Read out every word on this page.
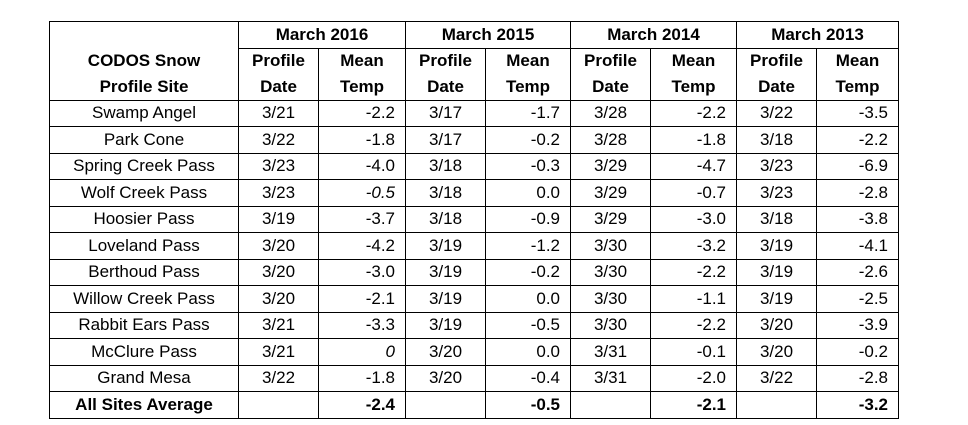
	March 2016		March 2015		March 2014		March 2013	
CODOS Snow	Profile	Mean	Profile	Mean	Profile	Mean	Profile	Mean
Profile Site	Date	Temp	Date	Temp	Date	Temp	Date	Temp
Swamp Angel	3/21	-2.2	3/17	-1.7	3/28	-2.2	3/22	-3.5
Park Cone	3/22	-1.8	3/17	-0.2	3/28	-1.8	3/18	-2.2
Spring Creek Pass	3/23	-4.0	3/18	-0.3	3/29	-4.7	3/23	-6.9
Wolf Creek Pass	3/23	-0.5	3/18	0.0	3/29	-0.7	3/23	-2.8
Hoosier Pass	3/19	-3.7	3/18	-0.9	3/29	-3.0	3/18	-3.8
Loveland Pass	3/20	-4.2	3/19	-1.2	3/30	-3.2	3/19	-4.1
Berthoud Pass	3/20	-3.0	3/19	-0.2	3/30	-2.2	3/19	-2.6
Willow Creek Pass	3/20	-2.1	3/19	0.0	3/30	-1.1	3/19	-2.5
Rabbit Ears Pass	3/21	-3.3	3/19	-0.5	3/30	-2.2	3/20	-3.9
McClure Pass	3/21	0	3/20	0.0	3/31	-0.1	3/20	-0.2
Grand Mesa	3/22	-1.8	3/20	-0.4	3/31	-2.0	3/22	-2.8
All Sites Average		-2.4		-0.5		-2.1		-3.2
